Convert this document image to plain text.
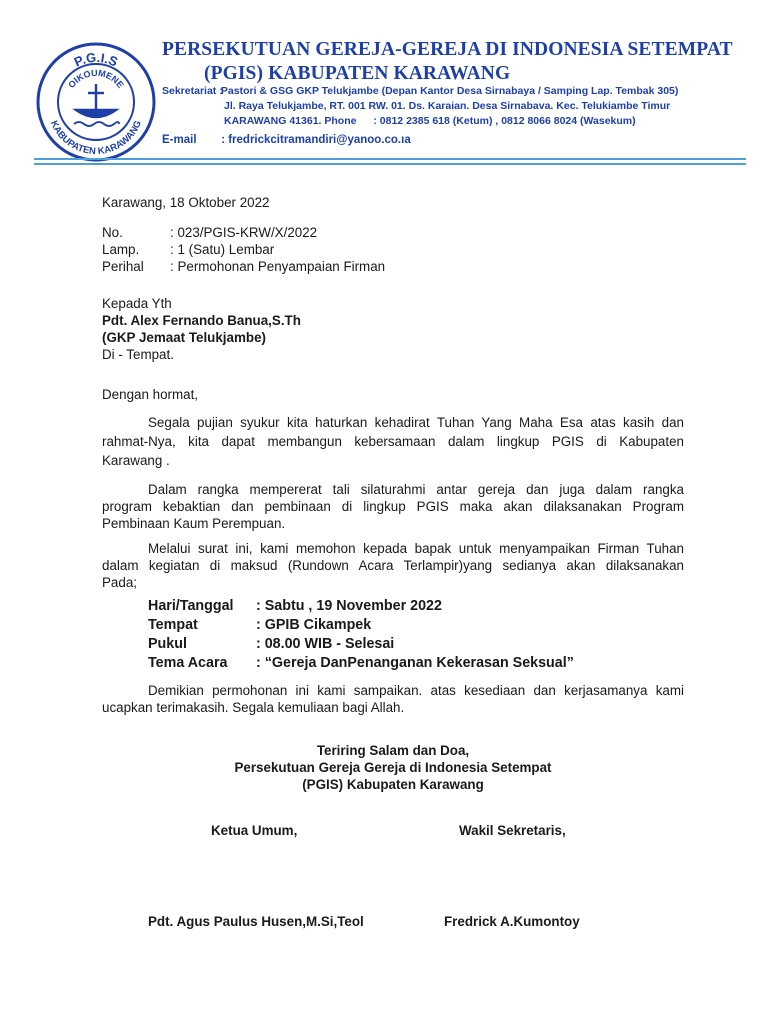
P.G.I.S
OIKOUMENE
KABUPATEN KARAWANG
PERSEKUTUAN GEREJA-GEREJA DI INDONESIA SETEMPAT
(PGIS) KABUPATEN KARAWANG
Sekretariat : Pastori & GSG GKP Telukjambe (Depan Kantor Desa Sirnabaya / Samping Lap. Tembak 305)
Jl. Raya Telukjambe, RT. 001 RW. 01. Ds. Karaian. Desa Sirnabava. Kec. Telukiambe Timur
KARAWANG 41361. Phone : 0812 2385 618 (Ketum) , 0812 8066 8024 (Wasekum)
E-mail : fredrickcitramandiri@yanoo.co.ıa
Karawang, 18 Oktober 2022
No.	: 023/PGIS-KRW/X/2022
Lamp. : 1 (Satu) Lembar
Perihal : Permohonan Penyampaian Firman
Kepada Yth
Pdt. Alex Fernando Banua,S.Th
(GKP Jemaat Telukjambe)
Di - Tempat.
Dengan hormat,
Segala pujian syukur kita haturkan kehadirat Tuhan Yang Maha Esa atas kasih dan
rahmat-Nya, kita dapat membangun kebersamaan dalam lingkup PGIS di Kabupaten
Karawang .
Dalam rangka mempererat tali silaturahmi antar gereja dan juga dalam rangka
program kebaktian dan pembinaan di lingkup PGIS maka akan dilaksanakan Program
Pembinaan Kaum Perempuan.
Melalui surat ini, kami memohon kepada bapak untuk menyampaikan Firman Tuhan
dalam kegiatan di maksud (Rundown Acara Terlampir)yang sedianya akan dilaksanakan
Pada;
Hari/Tanggal : Sabtu , 19 November 2022
Tempat	: GPIB Cikampek
Pukul	: 08.00 WIB - Selesai
Tema Acara : “Gereja DanPenanganan Kekerasan Seksual”
Demikian permohonan ini kami sampaikan. atas kesediaan dan kerjasamanya kami
ucapkan terimakasih. Segala kemuliaan bagi Allah.
Teriring Salam dan Doa,
Persekutuan Gereja Gereja di Indonesia Setempat
(PGIS) Kabupaten Karawang
Ketua Umum,	Wakil Sekretaris,
Pdt. Agus Paulus Husen,M.Si,Teol	Fredrick A.Kumontoy
